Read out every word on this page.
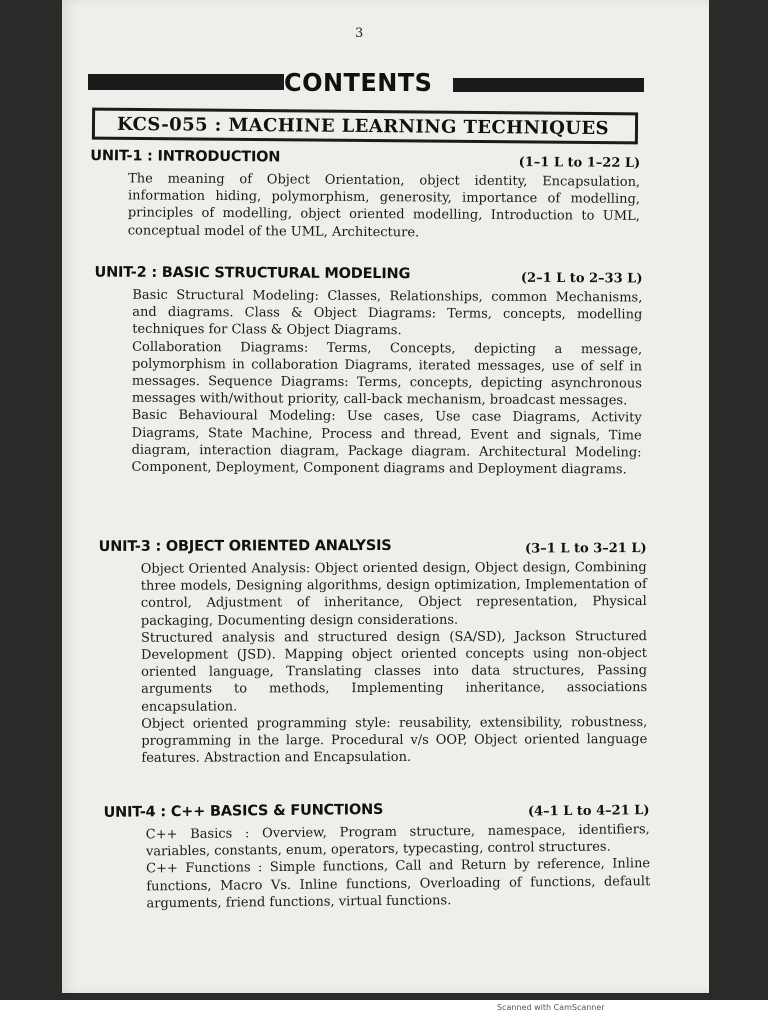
3
CONTENTS
KCS-055 : MACHINE LEARNING TECHNIQUES
UNIT-1 : INTRODUCTION	(1–1 L to 1–22 L)

The meaning of Object Orientation, object identity, Encapsulation, information hiding, polymorphism, generosity, importance of modelling, principles of modelling, object oriented modelling, Introduction to UML, conceptual model of the UML, Architecture.

UNIT-2 : BASIC STRUCTURAL MODELING	(2–1 L to 2–33 L)

Basic Structural Modeling: Classes, Relationships, common Mechanisms, and diagrams. Class & Object Diagrams: Terms, concepts, modelling techniques for Class & Object Diagrams.

Collaboration Diagrams: Terms, Concepts, depicting a message, polymorphism in collaboration Diagrams, iterated messages, use of self in messages. Sequence Diagrams: Terms, concepts, depicting asynchronous messages with/without priority, call-back mechanism, broadcast messages.

Basic Behavioural Modeling: Use cases, Use case Diagrams, Activity Diagrams, State Machine, Process and thread, Event and signals, Time diagram, interaction diagram, Package diagram. Architectural Modeling: Component, Deployment, Component diagrams and Deployment diagrams.

UNIT-3 : OBJECT ORIENTED ANALYSIS	(3–1 L to 3–21 L)

Object Oriented Analysis: Object oriented design, Object design, Combining three models, Designing algorithms, design optimization, Implementation of control, Adjustment of inheritance, Object representation, Physical packaging, Documenting design considerations.

Structured analysis and structured design (SA/SD), Jackson Structured Development (JSD). Mapping object oriented concepts using non-object oriented language, Translating classes into data structures, Passing arguments to methods, Implementing inheritance, associations encapsulation.

Object oriented programming style: reusability, extensibility, robustness, programming in the large. Procedural v/s OOP, Object oriented language features. Abstraction and Encapsulation.

UNIT-4 : C++ BASICS & FUNCTIONS	(4–1 L to 4–21 L)

C++ Basics : Overview, Program structure, namespace, identifiers, variables, constants, enum, operators, typecasting, control structures.

C++ Functions : Simple functions, Call and Return by reference, Inline functions, Macro Vs. Inline functions, Overloading of functions, default arguments, friend functions, virtual functions.

Scanned with CamScanner
